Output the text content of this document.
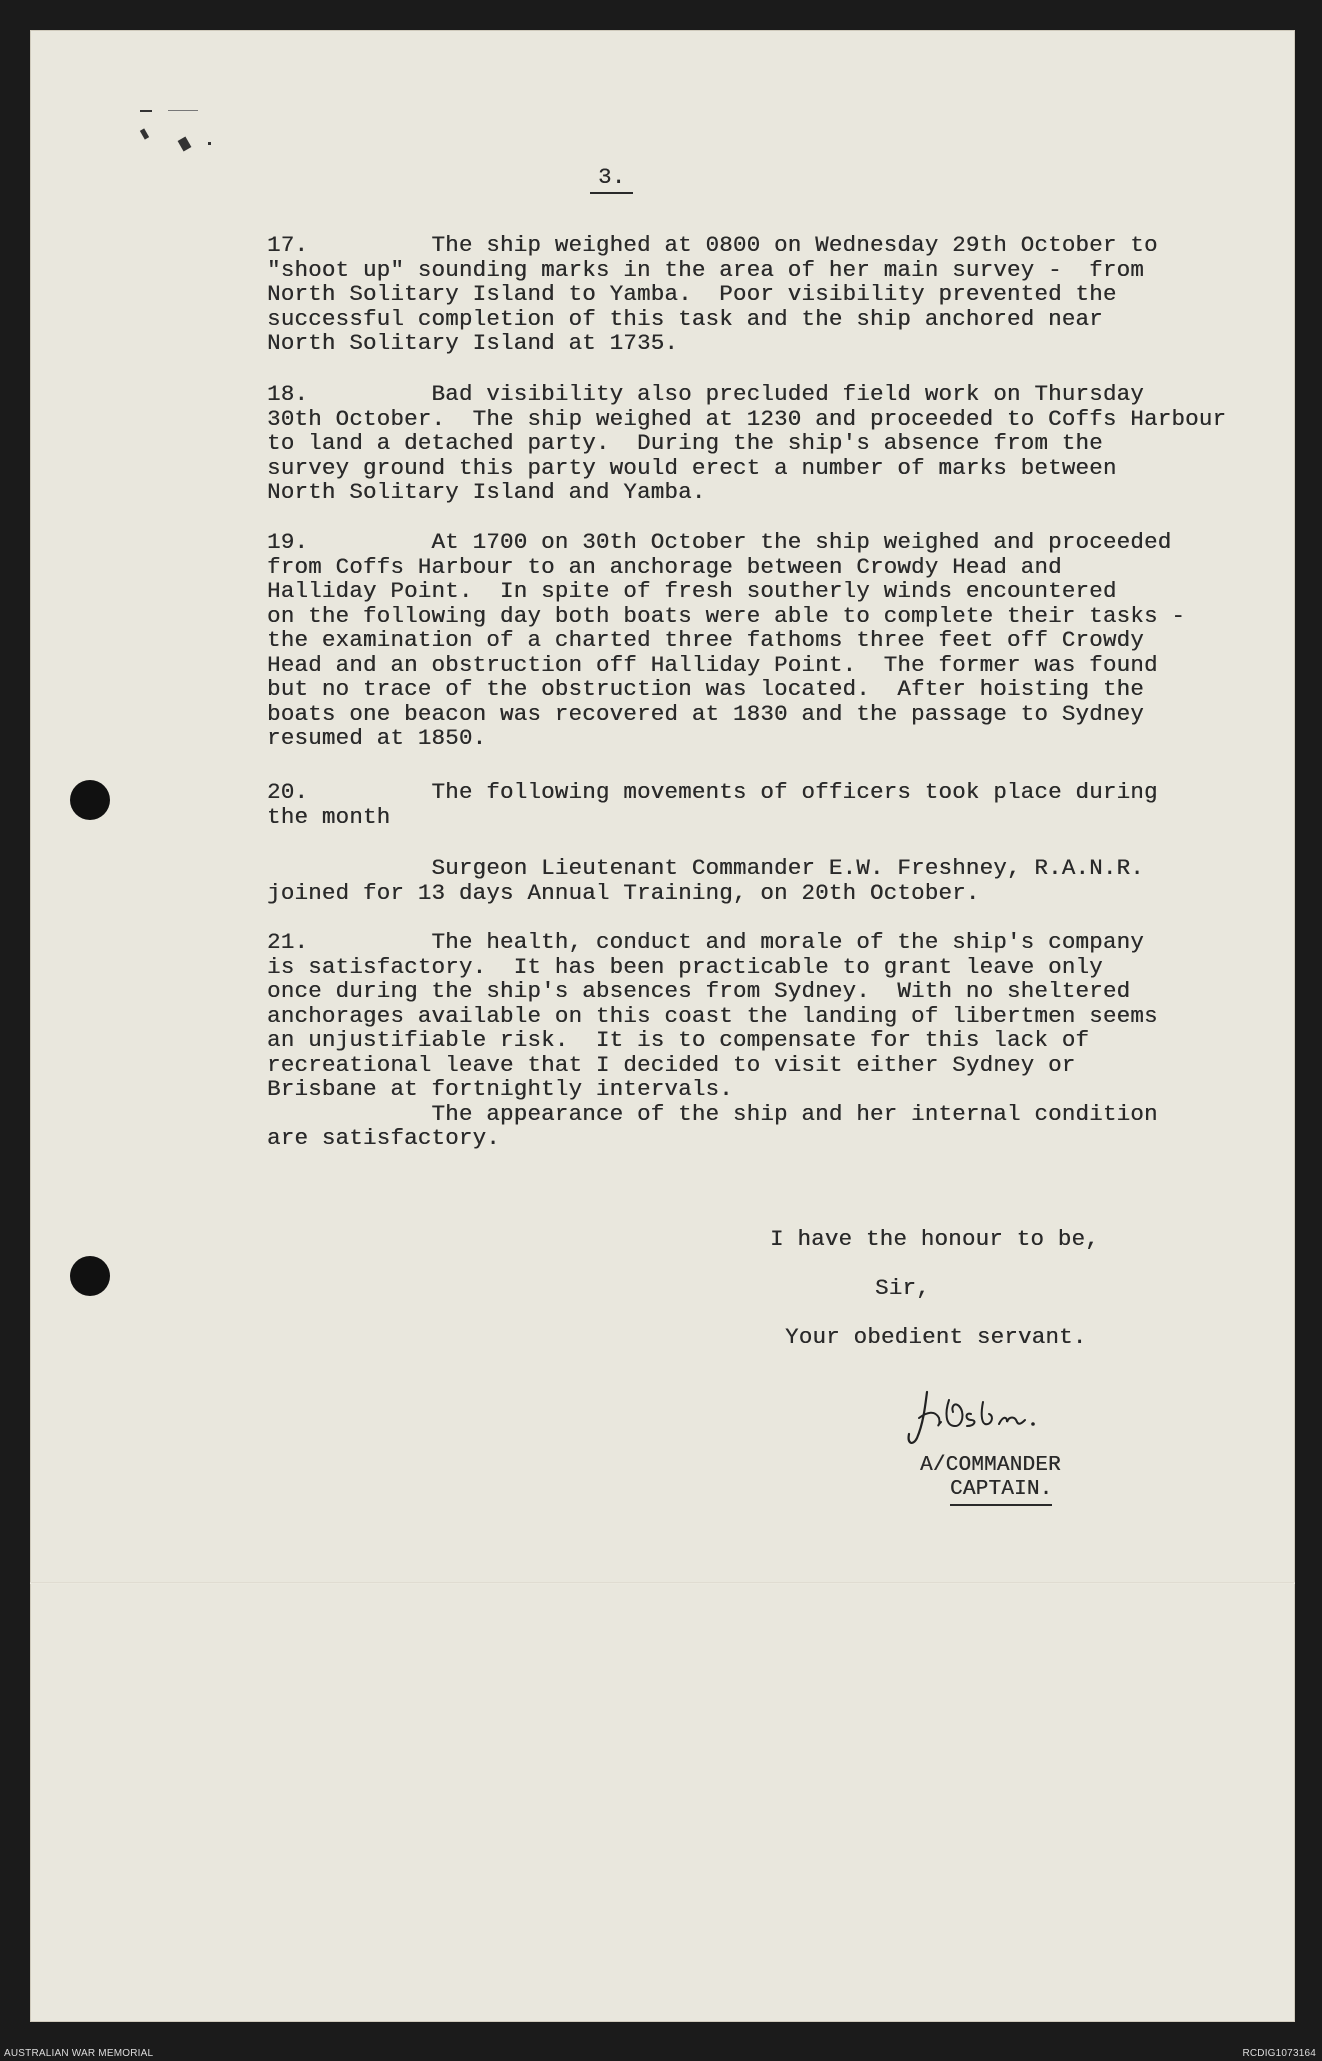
3.
17.         The ship weighed at 0800 on Wednesday 29th October to
"shoot up" sounding marks in the area of her main survey -  from
North Solitary Island to Yamba.  Poor visibility prevented the
successful completion of this task and the ship anchored near
North Solitary Island at 1735.
18.         Bad visibility also precluded field work on Thursday
30th October.  The ship weighed at 1230 and proceeded to Coffs Harbour
to land a detached party.  During the ship's absence from the
survey ground this party would erect a number of marks between
North Solitary Island and Yamba.
19.         At 1700 on 30th October the ship weighed and proceeded
from Coffs Harbour to an anchorage between Crowdy Head and
Halliday Point.  In spite of fresh southerly winds encountered
on the following day both boats were able to complete their tasks -
the examination of a charted three fathoms three feet off Crowdy
Head and an obstruction off Halliday Point.  The former was found
but no trace of the obstruction was located.  After hoisting the
boats one beacon was recovered at 1830 and the passage to Sydney
resumed at 1850.
20.         The following movements of officers took place during
the month
Surgeon Lieutenant Commander E.W. Freshney, R.A.N.R.
joined for 13 days Annual Training, on 20th October.
21.         The health, conduct and morale of the ship's company
is satisfactory.  It has been practicable to grant leave only
once during the ship's absences from Sydney.  With no sheltered
anchorages available on this coast the landing of libertmen seems
an unjustifiable risk.  It is to compensate for this lack of
recreational leave that I decided to visit either Sydney or
Brisbane at fortnightly intervals.
The appearance of the ship and her internal condition
are satisfactory.
I have the honour to be,
Sir,
Your obedient servant.
A/COMMANDER
CAPTAIN.
AUSTRALIAN WAR MEMORIAL	RCDIG1073164
